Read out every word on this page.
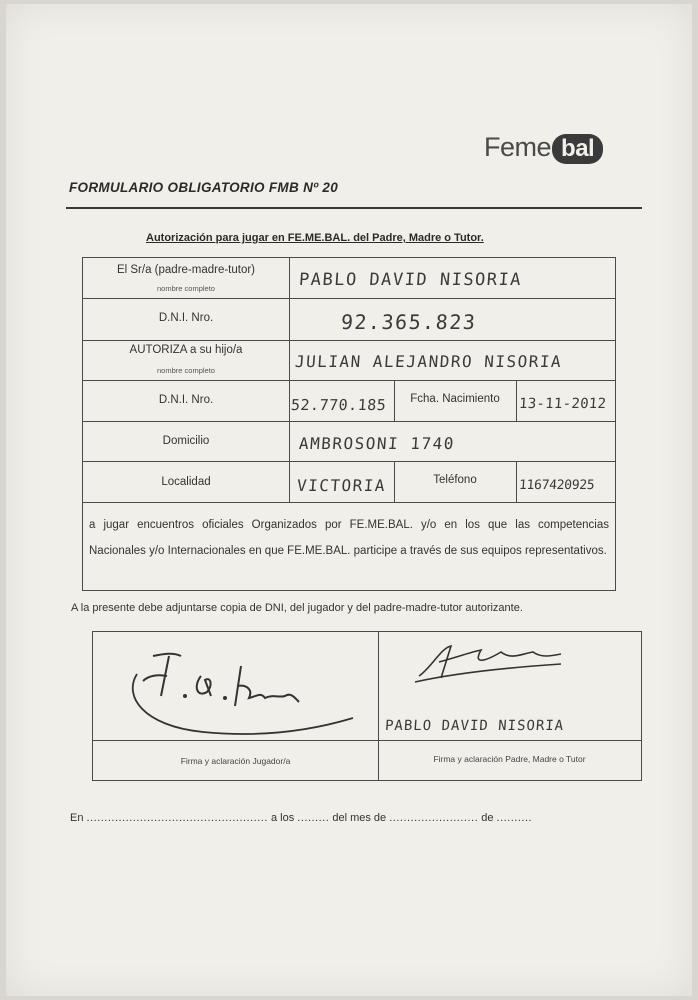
Feme bal
FORMULARIO OBLIGATORIO FMB Nº 20
Autorización para jugar en FE.ME.BAL. del Padre, Madre o Tutor.
El Sr/a (padre-madre-tutor)
nombre completo	PABLO DAVID NISORIA
D.N.I. Nro.	92.365.823
AUTORIZA a su hijo/a
nombre completo	JULIAN ALEJANDRO NISORIA
D.N.I. Nro.	52.770.185	Fcha. Nacimiento	13-11-2012
Domicilio	AMBROSONI 1740
Localidad	VICTORIA	Teléfono	1167420925
a jugar encuentros oficiales Organizados por FE.ME.BAL. y/o en los que las competencias Nacionales y/o Internacionales en que FE.ME.BAL. participe a través de sus equipos representativos.
A la presente debe adjuntarse copia de DNI, del jugador y del padre-madre-tutor autorizante.
PABLO DAVID NISORIA
Firma y aclaración Jugador/a	Firma y aclaración Padre, Madre o Tutor
En ................................................... a los ......... del mes de ......................... de ..........
